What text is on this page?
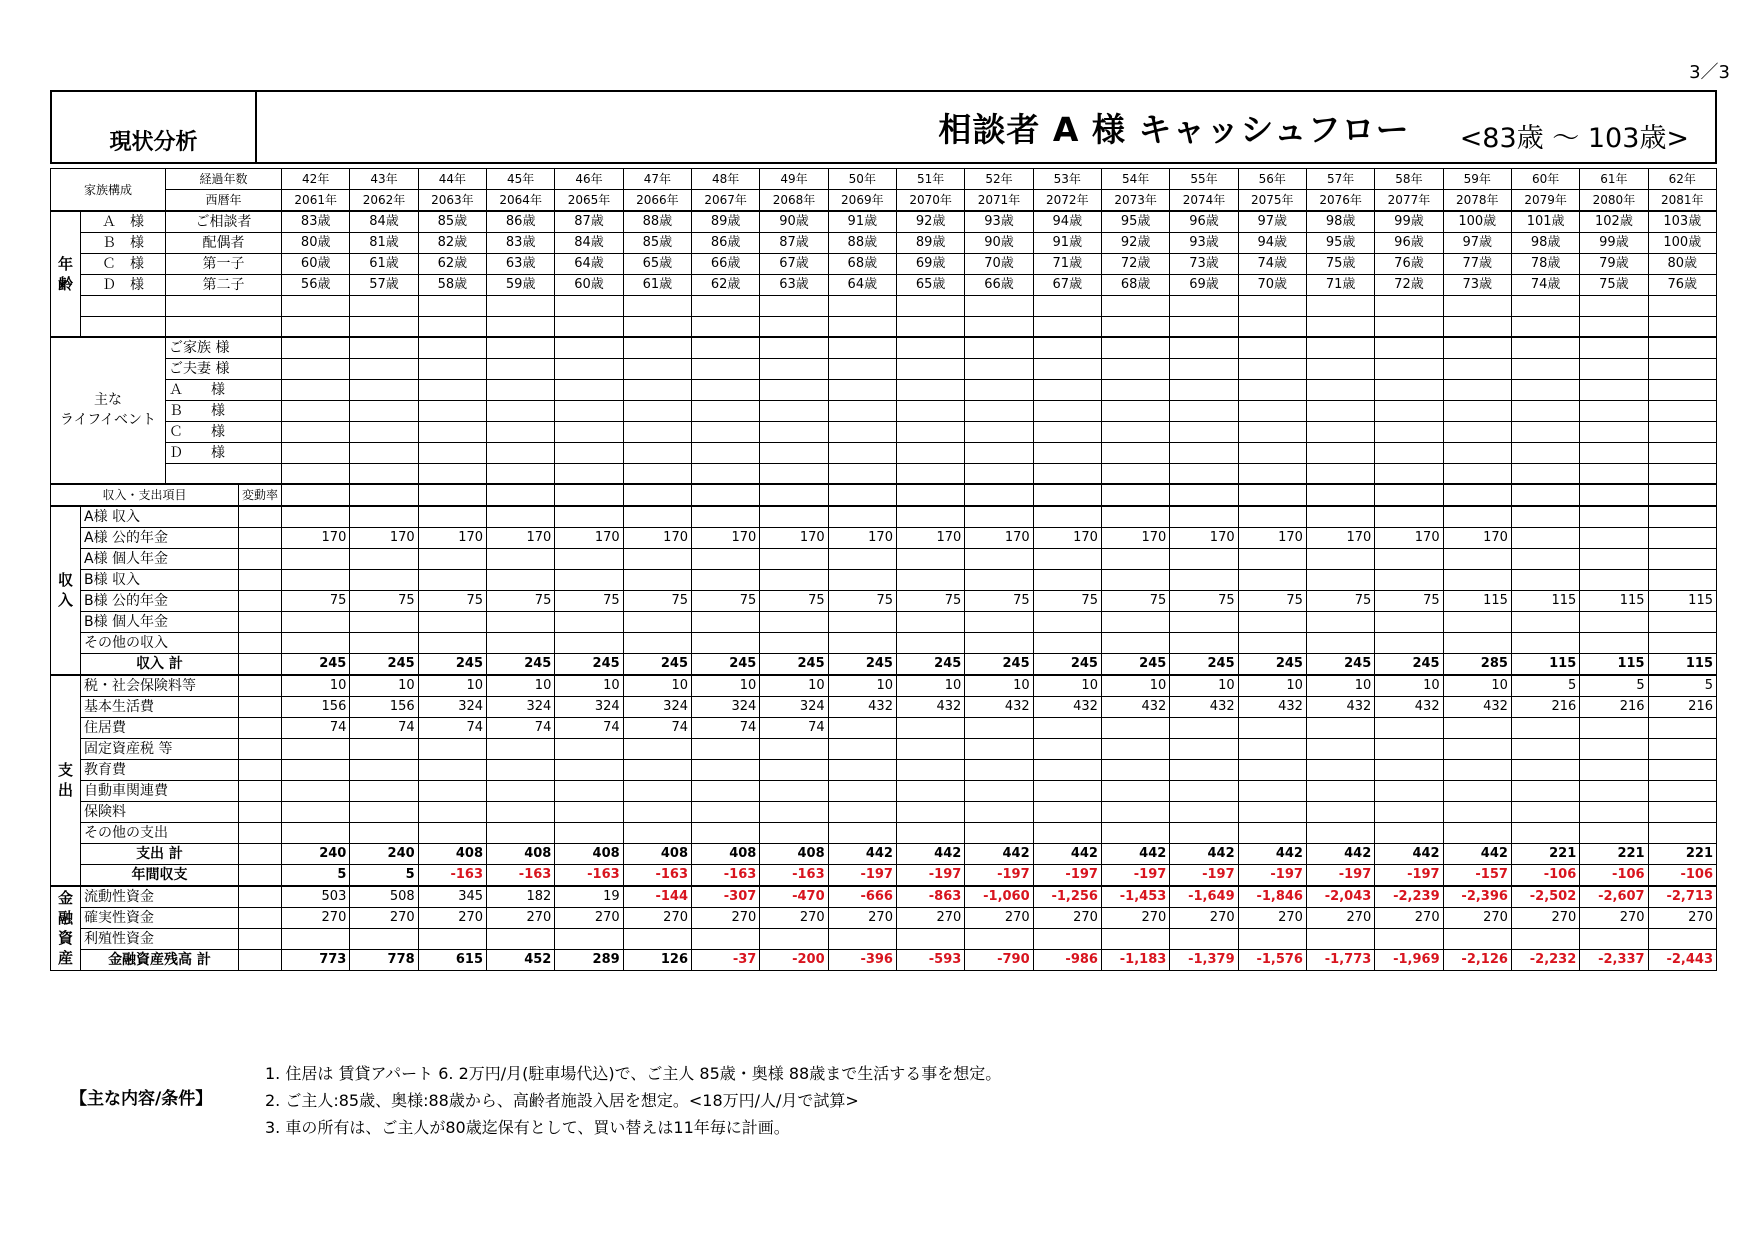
3／3
現状分析	相談者 A 様 キャッシュフロー <83歳 ～ 103歳>
家族構成		経過年数		42年	43年	44年	45年	46年	47年	48年	49年	50年	51年	52年	53年	54年	55年	56年	57年	58年	59年	60年	61年	62年
		西暦年		2061年	2062年	2063年	2064年	2065年	2066年	2067年	2068年	2069年	2070年	2071年	2072年	2073年	2074年	2075年	2076年	2077年	2078年	2079年	2080年	2081年
年
齢	Ａ　様	ご相談者		83歳	84歳	85歳	86歳	87歳	88歳	89歳	90歳	91歳	92歳	93歳	94歳	95歳	96歳	97歳	98歳	99歳	100歳	101歳	102歳	103歳
	Ｂ　様	配偶者		80歳	81歳	82歳	83歳	84歳	85歳	86歳	87歳	88歳	89歳	90歳	91歳	92歳	93歳	94歳	95歳	96歳	97歳	98歳	99歳	100歳
	Ｃ　様	第一子		60歳	61歳	62歳	63歳	64歳	65歳	66歳	67歳	68歳	69歳	70歳	71歳	72歳	73歳	74歳	75歳	76歳	77歳	78歳	79歳	80歳
	Ｄ　様	第二子		56歳	57歳	58歳	59歳	60歳	61歳	62歳	63歳	64歳	65歳	66歳	67歳	68歳	69歳	70歳	71歳	72歳	73歳	74歳	75歳	76歳

主な
ライフイベント		ご家族 様																						
		ご夫妻 様																						
		Ａ　　様																						
		Ｂ　　様																						
		Ｃ　　様																						
		Ｄ　　様																						

収入・支出項目			変動率																					
収
入	A様 収入																							
	A様 公的年金			170	170	170	170	170	170	170	170	170	170	170	170	170	170	170	170	170	170			
	A様 個人年金																							
	B様 収入																							
	B様 公的年金			75	75	75	75	75	75	75	75	75	75	75	75	75	75	75	75	75	115	115	115	115
	B様 個人年金																							
	その他の収入																							
	収入 計			245	245	245	245	245	245	245	245	245	245	245	245	245	245	245	245	245	285	115	115	115
支
出	税・社会保険料等			10	10	10	10	10	10	10	10	10	10	10	10	10	10	10	10	10	10	5	5	5
	基本生活費			156	156	324	324	324	324	324	324	432	432	432	432	432	432	432	432	432	432	216	216	216
	住居費			74	74	74	74	74	74	74	74													
	固定資産税 等																							
	教育費																							
	自動車関連費																							
	保険料																							
	その他の支出																							
	支出 計			240	240	408	408	408	408	408	408	442	442	442	442	442	442	442	442	442	442	221	221	221
	年間収支			5	5	-163	-163	-163	-163	-163	-163	-197	-197	-197	-197	-197	-197	-197	-197	-197	-157	-106	-106	-106
金
融
資
産	流動性資金			503	508	345	182	19	-144	-307	-470	-666	-863	-1,060	-1,256	-1,453	-1,649	-1,846	-2,043	-2,239	-2,396	-2,502	-2,607	-2,713
	確実性資金			270	270	270	270	270	270	270	270	270	270	270	270	270	270	270	270	270	270	270	270	270
	利殖性資金																							
	金融資産残高 計			773	778	615	452	289	126	-37	-200	-396	-593	-790	-986	-1,183	-1,379	-1,576	-1,773	-1,969	-2,126	-2,232	-2,337	-2,443
【主な内容/条件】
1. 住居は 賃貸アパート 6. 2万円/月(駐車場代込)で、ご主人 85歳・奥様 88歳まで生活する事を想定。
2. ご主人:85歳、奥様:88歳から、高齢者施設入居を想定。<18万円/人/月で試算>
3. 車の所有は、ご主人が80歳迄保有として、買い替えは11年毎に計画。
